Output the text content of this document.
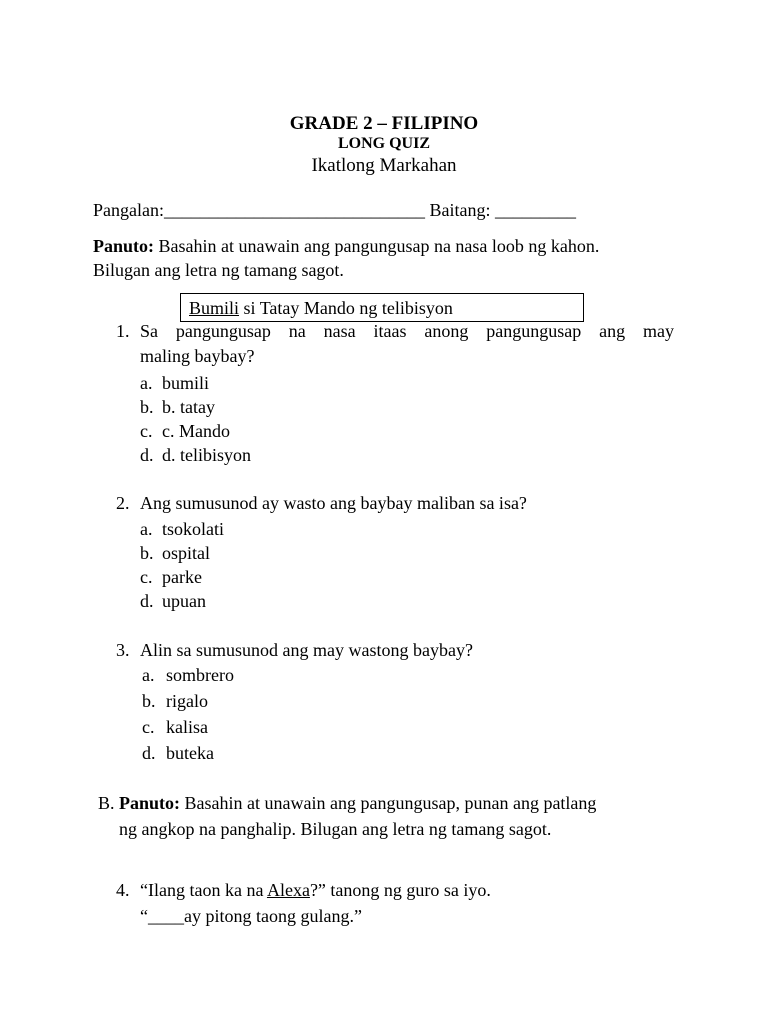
GRADE 2 – FILIPINO
LONG QUIZ
Ikatlong Markahan
Pangalan:_____________________________ Baitang: _________
Panuto: Basahin at unawain ang pangungusap na nasa loob ng kahon.
Bilugan ang letra ng tamang sagot.
Bumili si Tatay Mando ng telibisyon
1. Sa pangungusap na nasa itaas anong pangungusap ang may
maling baybay?
a. bumili
b. b. tatay
c. c. Mando
d. d. telibisyon
2. Ang sumusunod ay wasto ang baybay maliban sa isa?
a. tsokolati
b. ospital
c. parke
d. upuan
3. Alin sa sumusunod ang may wastong baybay?
a. sombrero
b. rigalo
c. kalisa
d. buteka
B. Panuto: Basahin at unawain ang pangungusap, punan ang patlang
ng angkop na panghalip. Bilugan ang letra ng tamang sagot.
4. “Ilang taon ka na Alexa?” tanong ng guro sa iyo.
“____ay pitong taong gulang.”
